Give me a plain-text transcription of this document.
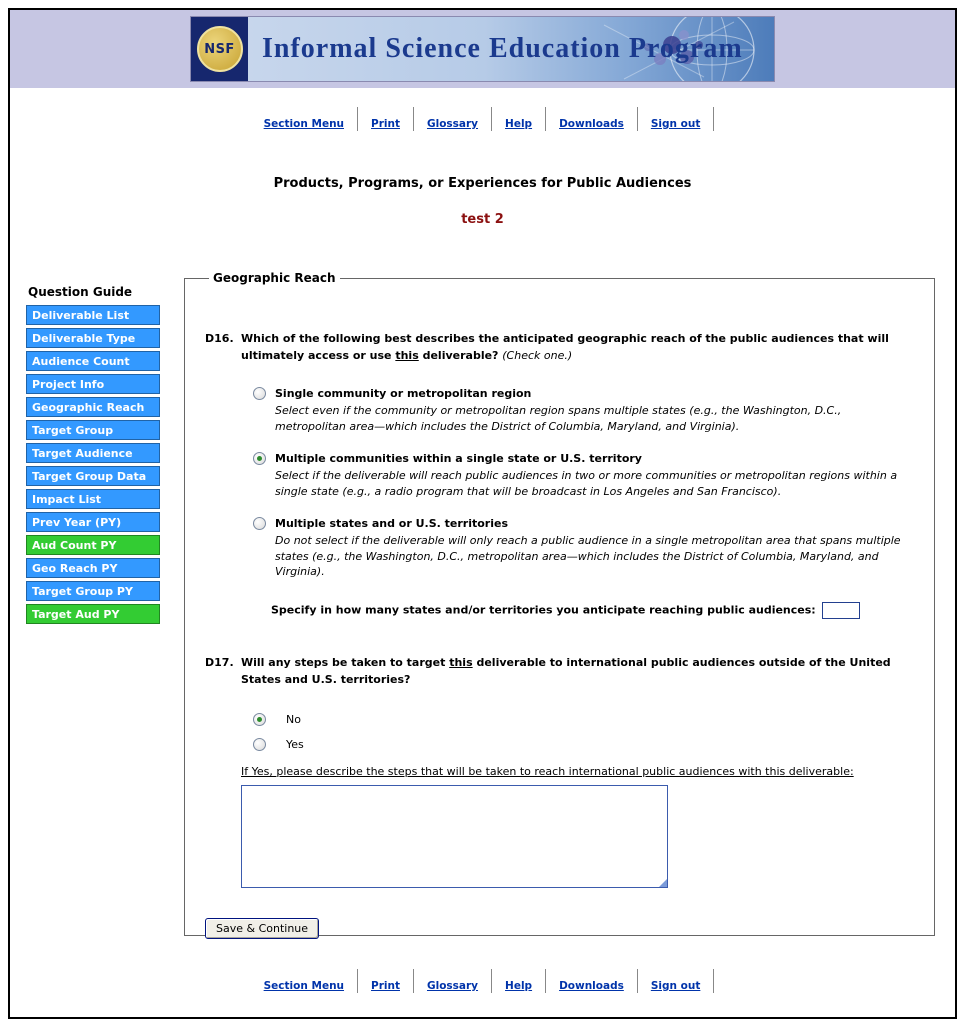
NSF Informal Science Education Program
Section Menu	Print	Glossary	Help	Downloads	Sign out
Products, Programs, or Experiences for Public Audiences
test 2
Question Guide
Deliverable List
Deliverable Type
Audience Count
Project Info
Geographic Reach
Target Group
Target Audience
Target Group Data
Impact List
Prev Year (PY)
Aud Count PY
Geo Reach PY
Target Group PY
Target Aud PY
Geographic Reach
D16. Which of the following best describes the anticipated geographic reach of the public audiences that will ultimately access or use this deliverable? (Check one.)
Single community or metropolitan region
Select even if the community or metropolitan region spans multiple states (e.g., the Washington, D.C., metropolitan area—which includes the District of Columbia, Maryland, and Virginia).
Multiple communities within a single state or U.S. territory
Select if the deliverable will reach public audiences in two or more communities or metropolitan regions within a single state (e.g., a radio program that will be broadcast in Los Angeles and San Francisco).
Multiple states and or U.S. territories
Do not select if the deliverable will only reach a public audience in a single metropolitan area that spans multiple states (e.g., the Washington, D.C., metropolitan area—which includes the District of Columbia, Maryland, and Virginia).
Specify in how many states and/or territories you anticipate reaching public audiences:
D17. Will any steps be taken to target this deliverable to international public audiences outside of the United States and U.S. territories?
No
Yes
If Yes, please describe the steps that will be taken to reach international public audiences with this deliverable:
Save & Continue
Section Menu	Print	Glossary	Help	Downloads	Sign out
